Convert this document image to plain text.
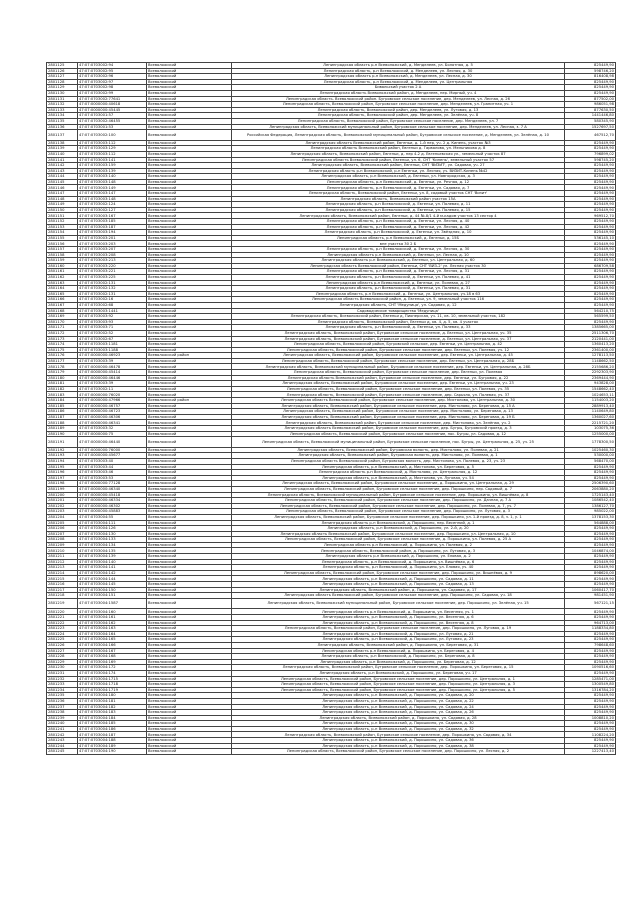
2801125	47:07:0703002:94	Всеволожский	Ленинградская область р-н Всеволожский, д. Менделеев, ул. Болотная, д. 5	825449,90
2801126	47:07:0703002:95	Всеволожский	Ленинградская область, р-н Всеволожский, д. Менделеев, ул. Лесная, д. 30	598746,20
2801127	47:07:0703002:96	Всеволожский	Ленинградская область р-н Всеволожский, д. Менделеев, ул. Лесная, д. 30	816408,98
2801128	47:07:0703002:97	Всеволожский	Ленинградская область, р-н Всеволожский, д. Менделеев, ул. Центральная	825449,90
2801129	47:07:0703002:98	Всеволожский	Бивальский участок 2 А	825449,90
2801130	47:07:0703002:99	Всеволожский	Ленинградская область Всеволожский район, д. Менделеев, пер. Мирный, уч. 4	825449,90
2801131	47:07:0703002:77641	Всеволожский	Ленинградская область. Всеволожский район. Бугровское сельское поселение, дер. Менделеев, ул. Лесная, д. 26	877502,00
2801132	47:07:0000000:40618	Всеволожский	Ленинградская область, Всеволожский район, Бугровское сельское поселение, дер. Менделеев, ул. Гранитная, уч. 1	986051,98
2801133	47:07:0000000:45445	Всеволожский	Ленинградская область, Всеволожский район, дер. Менделеев, ул. Луговая, д. 13	877630,50
2801134	47:07:0703001:57	Всеволожский	Ленинградская область, Всеволожский район, дер. Менделеев, ул. Зелёная, уч. 8	1441446,80
2801135	47:07:0703002:46455	Всеволожский	Ленинградская область, Всеволожский район, Бугровское сельское поселение, дер. Менделеев, ул. 7	580345,90
2801136	47:07:0703001:53	Всеволожский	Ленинградская область, Всеволожский муниципальный район, Бугровское сельское поселение, дер. Менделеев, ул. Лесная, з. 7 А	1527697,50
2801137	47:07:0703002:100	Всеволожский	Российская Федерация, Ленинградская область, Всеволожский муниципальный район, Бугровское сельское поселение, д. Менделеев, ул. Зелёная, д. 10	467512,70
2801138	47:07:0703003:112	Всеволожский	Ленинградская область Всеволожский район, Евгеньи, д. 1-й пер, уч. 2 д. Кипень, участок №3	825449,90
2801139	47:07:0703003:129	Всеволожский	Ленинградская область Всеволожский район, Евгеньи д. Гарвалова, ул. Мельникова д. 8	825449,90
2801140	47:07:0703003:112	Всеволожский	Ленинградская область, Всеволожский район, Евгеньи, д. пер 4-2 д. Евгеньевская ул., земельный участок 87	796899,02
2801141	47:07:0703003:141	Всеволожский	Ленинградская область Всеволожский район, Евгеньи, ул. 6, СНТ 'Кипень', земельный участок 57	598745,20
2801142	47:07:0703003:159	Всеволожский	Ленинградская область, Всеволожский район, Евгеньи, СНТ 'ВИЗИТ', ул. Садовая, уч. 27	825449,90
2801143	47:07:0703003:139	Всеволожский	Ленинградская область р-н Всеволожский, р-н Евгеньи, ул. Лесная, уч. ВИЗИТ-Кипень №42	825449,90
2801144	47:07:0703003:140	Всеволожский	Ленинградская область, р-н Всеволожский, д. Евгеньи, ул. Новгородская, д. 3	825449,90
2801145	47:07:0703003:148	Всеволожский	Ленинградская область, р-н Всеволожский, д. Евгеньи, ул. Речная, д. 12	825449,90
2801146	47:07:0703003:149	Всеволожский	Ленинградская область, р-н Всеволожский, д. Евгеньи, ул. Садовая, д. 7	825449,90
2801147	47:07:0703003:147	Всеволожский	Ленинградская область, Всеволожский район, Евгеньи, ул. 8, садовый участок СНТ 'Визит'	825449,90
2801148	47:07:0703003:148	Всеволожский	Ленинградская область, Всеволожский район участок 15А	825449,90
2801149	47:07:0703002:124	Всеволожский	Ленинградская область, р-н Всеволожский, д. Евгеньи, ул. Полевая, д. 11	825449,90
2801150	47:07:0703002:127	Всеволожский	Ленинградская область, р-н Всеволожский, д. Евгеньи, ул. Полевая, д. 15	825449,90
2801151	47:07:0703003:167	Всеволожский	Ленинградская область, Всеволожский район, Евгеньи, д. 44 №-8/1 4-й м-кадом участок 13 сектор 4	969512,70
2801152	47:07:0703003:185	Всеволожский	Ленинградская область, р-н Всеволожский, д. Евгеньи, ул. Лесная, д. 40	825449,90
2801153	47:07:0703003:187	Всеволожский	Ленинградская область, р-н Всеволожский, д. Евгеньи, ул. Лесная, д. 42	825449,90
2801154	47:07:0703003:194	Всеволожский	Ленинградская область, р-н Всеволожский, д. Евгеньи, ул. Звёздная, д. 10	825449,90
2801155	47:07:0703003:201	Всеволожский	Ленинградская область, р-н Всеволожский, д. Евгеньи, д. 15Б	536145,10
2801156	47:07:0703003:203	Всеволожский	вне участка 30 2 Б	825449,90
2801157	47:07:0703003:207	Всеволожский	Ленинградская область, р-н Всеволожский, д. Евгеньи, ул. Лесная, д. 30	825449,90
2801158	47:07:0703003:208	Всеволожский	Ленинградская область р-н Всеволожский, д. Евгеньи, ул. Лесная, д. 10	825449,90
2801159	47:07:0703003:213	Всеволожский	Ленинградская область р-н Всеволожский, д. Евгеньи, ул. Центральная, д. 60	825449,90
2801160	47:07:0703003:220	Всеволожский	Ленинградская область Всеволожский район, Евгеньи, СНТ 'ВИЗ-2' ул. Лесная участок 30	686709,58
2801161	47:07:0703003:221	Всеволожский	Ленинградская область, р-н Всеволожский, д. Евгеньи, ул. Лесная, д. 31	825449,90
2801162	47:07:0703003:225	Всеволожский	Ленинградская область, р-н Всеволожский, д. Евгеньи, ул. Полевая, д. 41	825449,90
2801163	47:07:0703002:131	Всеволожский	Ленинградская область р-н Всеволожский, д. Евгеньи, ул. Полевая, д. 27	825449,90
2801164	47:07:0703002:132	Всеволожский	Ленинградская область, р-н Всеволожский, д. Евгеньи, ул. Полевая, д. 31	825449,90
2801165	47:07:0703002:131	Всеволожский	Ленинградская область, р-н Всеволожский, д. Евгеньи, ул. Центральная, уч.18 в 63	825449,90
2801166	47:07:0703002:16	Всеволожский	Ленинградская область Всеволожский район, д. Евгеньи, ул. 9, земельный участок 116	825449,90
2801167	47:07:0703002:68	Всеволожский	Ленинградская область, СНТ 'Медуница', ул. Садовая, д. 12	825449,90
2801168	47:07:0703003:1441	Всеволожский	Садоводческое товарищество 'Медуница'	564210,75
2801169	47:07:0703003:92	Всеволожский	Ленинградская область, Всеволожский район, Евгеньи д, Пионерская, уч. 11, кв. 10, земельный участок, 182	565599,50
2801170	47:07:0703003:93	Всеволожский	Ленинградская область, Всеволожский район, Евгеньи д, кв. 4, д. 5, кв. 4 участок	825449,90
2801171	47:07:0703003:71	Всеволожский	Ленинградская область, р-н Всеволожский, д. Евгеньи, ул. Полевая, д. 33	1385665,00
2801172	47:07:0703002:52	Всеволожский	Ленинградская область, Всеволожский район, Бугровское сельское поселение, д. Евгеньи, ул. Центральная, уч. 35	2511306,70
2801173	47:07:0703002:67	Всеволожский	Ленинградская область, Всеволожский район, Бугровское сельское поселение, д. Евгеньи, ул. Центральная, уч. 37	2120441,00
2801174	47:07:0703003:1181	Всеволожский	Ленинградская область, Всеволожский район, Бугровский сельское, дер. Евгеньи, ул. Центральная, д. 42	1360413,20
2801175	47:07:0703003:1188	Всеволожский	Ленинградская область, Всеволожский район, Бугровское сельское поселение, дер. Евгеньи, ул. Полевая, уч. 12	2361400,00
2801176	47:07:0000000:46923	Всеволожский район	Ленинградская область, Всеволожский район, Бугровское сельское поселение, дер. Евгеньи, ул. Центральная, д. 45	1278113,50
2801177	47:07:0703003:39	Всеволожский	Ленинградская область, Всеволожский район, Бугровское сельское поселение, дер. Евгеньи, ул. Центральная, д. 28Б	1148662,50
2801178	47:07:0000000:46478	Всеволожский	Ленинградская область, Всеволожский муниципальный район, Бугровское сельское поселение, дер. Евгеньи, ул. Центральная, д. 28Б	2155686,20
2801179	47:07:0000000:45414	Всеволожский	Ленинградская область, Всеволожский район, Бугровское сельское поселение, дер. Евгеньи, ул. Полевая	2292303,90
2801180	47:07:0000000:46446	Всеволожский	Ленинградская область Всеволожский район, Бугровское сельское поселение, дер. Евгеньи, ул. Бугровая, д. 22	2369444,90
2801181	47:07:0703003:39	Всеволожский	Ленинградская область, Всеволожский район, Бугровское сельское поселение, дер. Евгеньи, ул. Центральная, уч. 23	943828,00
2801182	47:07:0703002:11	Всеволожский	Ленинградская область, Всеволожский район, Бугровское сельское поселение, дер. Евгеньи, ул. Полевая, уч. 35	1548662,40
2801183	47:07:0000000:76020	Всеволожский	Ленинградская область, Всеволожский район, Бугровское сельское поселение, дер. Сарьяло, ул. Полевая, уч. 37	1024653,11
2801184	47:07:0000000:47966	Всеволожский район	Ленинградская область Всеволожский район, Бугровское сельское поселение, дер. Мистолово, ул. Центральная, д. 30	1154003,20
2801185	47:07:0000000:46757	Всеволожский	Ленинградская область, Всеволожский район, Бугровское сельское поселение, дер. Мистолово, ул. Береговая, д. 15 А	2889913,40
2801186	47:07:0000000:46723	Всеволожский	Ленинградская область, Всеволожский район, Бугровское сельское поселение, дер. Мистолово, ул. Береговая, д. 13	1140649,80
2801187	47:07:0000000:46306	Всеволожский	Ленинградская область, Всеволожский район, Бугровское сельское поселение, дер. Мистолово, ул. Береговая, д. 19 Б	1360027,60
2801188	47:07:0000000:46341	Всеволожский	Ленинградская область, Всеволожский район, Бугровское сельское поселение, дер. Мистолово, ул. Зелёная, уч. 2	2215721,20
2801189	47:07:0703003:32	Всеволожский	Ленинградская область Всеволожский район, Бугровское сельское поселение, дер. Бугры, Бугровский проезд, д. 3	103075,36
2801190	47:07:0000000:75	Всеволожский	Ленинградская область, Всеволожский район, Бугровское сельское поселение, пос. Бугры, ул. Садовая, д. 12	1255000,00
2801191	47:07:0000000:46440	Всеволожский	Ленинградская область, Всеволожский муниципальный район, Бугровское сельское поселение, пос. Бугры, ул. Центральная, д. 25, уч. 25	1778300,50
2801192	47:07:0000000:76000	Всеволожский	Ленинградская область, Всеволожский район, Бугровская волость, дер. Мистолово, ул. Полевая, д. 21	1025460,30
2801193	47:07:0000000:45677	Всеволожский	Ленинградская область, Всеволожский район, Бугровская волость, дер. Мистолово, ул. Полевая, д. 1	530000,00
2801194	47:07:0703003:40	Всеволожский	Ленинградская область Всеволожский район, Бугровская волость, дер. Мистолово, ул. Полевая, д. 23, уч. 23	568470,00
2801195	47:07:0703003:44	Всеволожский	Ленинградская область, р-н Всеволожский, д. Мистолово, ул. Береговая, д. 5	825449,90
2801196	47:07:0703003:46	Всеволожский	Ленинградская область р-н Всеволожский, д. Мистолово, ул. Центральная, д. 12	825449,90
2801197	47:07:0703003:53	Всеволожский	Ленинградская область, р-н Всеволожский, д. Мистолово, ул. Луговая, уч. 54	825449,90
2801198	47:07:0000000:77128	Всеволожский	Ленинградская область, Всеволожский район, Бугровское сельское поселение, д. Порошкино, ул. Центральная, д. 29	2506390,60
2801199	47:07:0000000:46340	Всеволожский	Ленинградская область, Всеволожский район, Бугровское сельское поселение, дер. Порошкино, пер. Садовый, д. 7	2063880,20
2801200	47:07:0000000:45418	Всеволожский	Ленинградская область, Всеволожский муниципальный район, Бугровское сельское поселение, дер. Порошкино, ул. Вишнёвая, д. 8	1725143,40
2801201	47:07:0000000:46334	Всеволожский	Ленинградская область, Всеволожский район, Бугровское сельское поселение, дер. Порошкино, ул. Дачная, д. 7 А	1086542,40
2801202	47:07:0000000:46302	Всеволожский	Ленинградская область, Всеволожский район, Бугровское сельское поселение, дер. Порошкино, ул. Полевая, д. 7, уч. 7	1386127,70
2801203	47:07:0000000:45883	Всеволожский	Ленинградская область, Всеволожский район, Бугровское сельское поселение, дер. Порошкино, ул. Луговая, д. 3	985022,00
2801204	47:07:0703004:55	Всеволожский	Ленинградская область, Всеволожский район, Бугровское сельское поселение, дер. Порошкино, ул. 1-й проезд, д. 8, з. 1, у. 1	1378153,30
2801205	47:07:0703004:111	Всеволожский	Ленинградская область р-н Всеволожский, д. Порошкино, пер. Весенний, д. 1	564888,00
2801206	47:07:0703004:126	Всеволожский	Ленинградская область, р-н Всеволожский, д. Порошкино, ул. 2-й, д. 20	825449,90
2801207	47:07:0703004:130	Всеволожский	Ленинградская область Всеволожский район, Бугровское сельское поселение, дер. Порошкино, ул. Центральная, д. 10	825449,90
2801208	47:07:0703004:133	Всеволожский	Ленинградская область, Всеволожский район, Бугровское сельское поселение, д. Порошкино, ул. Полевая, д. 25 А	825449,90
2801209	47:07:0703004:134	Всеволожский	Ленинградская область р-н Всеволожский, д. Порошкино, ул. Полевая, д. 2	825449,90
2801210	47:07:0703004:135	Всеволожский	Ленинградская область, Всеволожский район, д. Порошкино, ул. Луговая, д. 3	1046874,00
2801211	47:07:0703004:139	Всеволожский	Ленинградская область р-н Всеволожский, д. Порошкино, ул. Еловая, д. 2	825449,90
2801212	47:07:0703004:140	Всеволожский	Ленинградская область, р-н Всеволожский, д. Порошкино, ул. Вишнёвая, д. 6	825449,90
2801213	47:07:0703004:141	Всеволожский	Ленинградская область, р-н Всеволожский, д. Порошкино, ул. Еловая, уч. 40	825449,90
2801214	47:07:0703004:142	Всеволожский	Ленинградская область, Всеволожский район, Бугровское сельское поселение, дер. Порошкино, ул. Вишнёвая, д. 9	898620,00
2801215	47:07:0703004:144	Всеволожский	Ленинградская область, р-н Всеволожский, д. Порошкино, ул. Садовая, д. 11	825449,90
2801216	47:07:0703004:145	Всеволожский	Ленинградская область, р-н Всеволожский, д. Порошкино, ул. Садовая, д. 13	825449,90
2801217	47:07:0703004:150	Всеволожский	Ленинградская область, Всеволожский район, д. Порошкино, ул. Садовая, д. 17	1060417,70
2801218	47:07:0703004:151	Всеволожский	Ленинградская область Всеволожский район, Бугровское сельское поселение, дер. Порошкино, ул. Садовая, уч. 18	981451,90
2801219	47:07:0703004:1587	Всеволожский	Ленинградская область, Всеволожский муниципальный район, Бугровское сельское поселение, дер. Порошкино, ул. Зелёная, уч. 15	567121,15
2801220	47:07:0703004:160	Всеволожский	Ленинградская область р-н Всеволожский, д. Порошкино, ул. Весенняя, уч. 1	825449,90
2801221	47:07:0703004:161	Всеволожский	Ленинградская область, р-н Всеволожский, д. Порошкино, ул. Весенняя, д. 6	825449,90
2801222	47:07:0703004:162	Всеволожский	Ленинградская область, р-н Всеволожский, д. Порошкино, ул. Весенняя, д. 8	964713,00
2801223	47:07:0703004:163	Всеволожский	Ленинградская область, Всеволожский район, Бугровское сельское поселение, дер. Порошкино, ул. Луговая, д. 19	1188334,80
2801224	47:07:0703004:164	Всеволожский	Ленинградская область, р-н Всеволожский, д. Порошкино, ул. Луговая, д. 21	825449,90
2801225	47:07:0703004:165	Всеволожский	Ленинградская область, р-н Всеволожский, д. Порошкино, ул. Луговая, д. 23	825449,90
2801226	47:07:0703004:166	Всеволожский	Ленинградская область, Всеволожский район, д. Порошкино, ул. Береговая, д. 31	798648,60
2801227	47:07:0703004:167	Всеволожский	Ленинградская область р-н Всеволожский, д. Порошкино, ул. Береговая, д. 4	825449,90
2801228	47:07:0703004:168	Всеволожский	Ленинградская область, р-н Всеволожский, д. Порошкино, ул. Береговая, д. 8	825449,90
2801229	47:07:0703004:169	Всеволожский	Ленинградская область, р-н Всеволожский, д. Порошкино, ул. Береговая, д. 12	825449,90
2801230	47:07:0703004:172	Всеволожский	Ленинградская область, Всеволожский район, Бугровское сельское поселение, дер. Порошкино, ул. Береговая, д. 15	1090516,60
2801231	47:07:0703004:174	Всеволожский	Ленинградская область, р-н Всеволожский, д. Порошкино, ул. Береговая, уч. 17	825449,90
2801232	47:07:0703004:1715	Всеволожский	Ленинградская область, Всеволожский район, Бугровское сельское поселение, дер. Порошкино, ул. Центральная, д. 1	1285471,00
2801233	47:07:0703004:1718	Всеволожский	Ленинградская область, Всеволожский район, Бугровское сельское поселение, дер. Порошкино, ул. Центральная, д. 3	1300549,80
2801234	47:07:0703004:1719	Всеволожский	Ленинградская область, Всеволожский район, Бугровское сельское поселение, дер. Порошкино, ул. Центральная, д. 5	1316784,20
2801235	47:07:0703004:180	Всеволожский	Ленинградская область, р-н Всеволожский, д. Порошкино, ул. Садовая, д. 20	825449,90
2801236	47:07:0703004:181	Всеволожский	Ленинградская область, р-н Всеволожский, д. Порошкино, ул. Садовая, д. 22	825449,90
2801237	47:07:0703004:182	Всеволожский	Ленинградская область, р-н Всеволожский, д. Порошкино, ул. Садовая, д. 24	825449,90
2801238	47:07:0703004:183	Всеволожский	Ленинградская область, р-н Всеволожский, д. Порошкино, ул. Садовая, д. 26	825449,90
2801239	47:07:0703004:184	Всеволожский	Ленинградская область, Всеволожский район, д. Порошкино, ул. Садовая, д. 28	1008810,20
2801240	47:07:0703004:185	Всеволожский	Ленинградская область, р-н Всеволожский, д. Порошкино, ул. Садовая, д. 30	825449,90
2801241	47:07:0703004:186	Всеволожский	Ленинградская область, р-н Всеволожский, д. Порошкино, ул. Садовая, д. 32	825449,90
2801242	47:07:0703004:187	Всеволожский	Ленинградская область, Всеволожский район, Бугровское сельское поселение, дер. Порошкино, ул. Садовая, д. 34	1108224,20
2801243	47:07:0703004:188	Всеволожский	Ленинградская область, р-н Всеволожский, д. Порошкино, ул. Садовая, д. 36	825449,90
2801244	47:07:0703004:189	Всеволожский	Ленинградская область, р-н Всеволожский, д. Порошкино, ул. Садовая, д. 38	825449,90
2801245	47:07:0703004:190	Всеволожский	Ленинградская область, Всеволожский район, Бугровское сельское поселение, дер. Порошкино, ул. Лесная, д. 2	1227413,40
